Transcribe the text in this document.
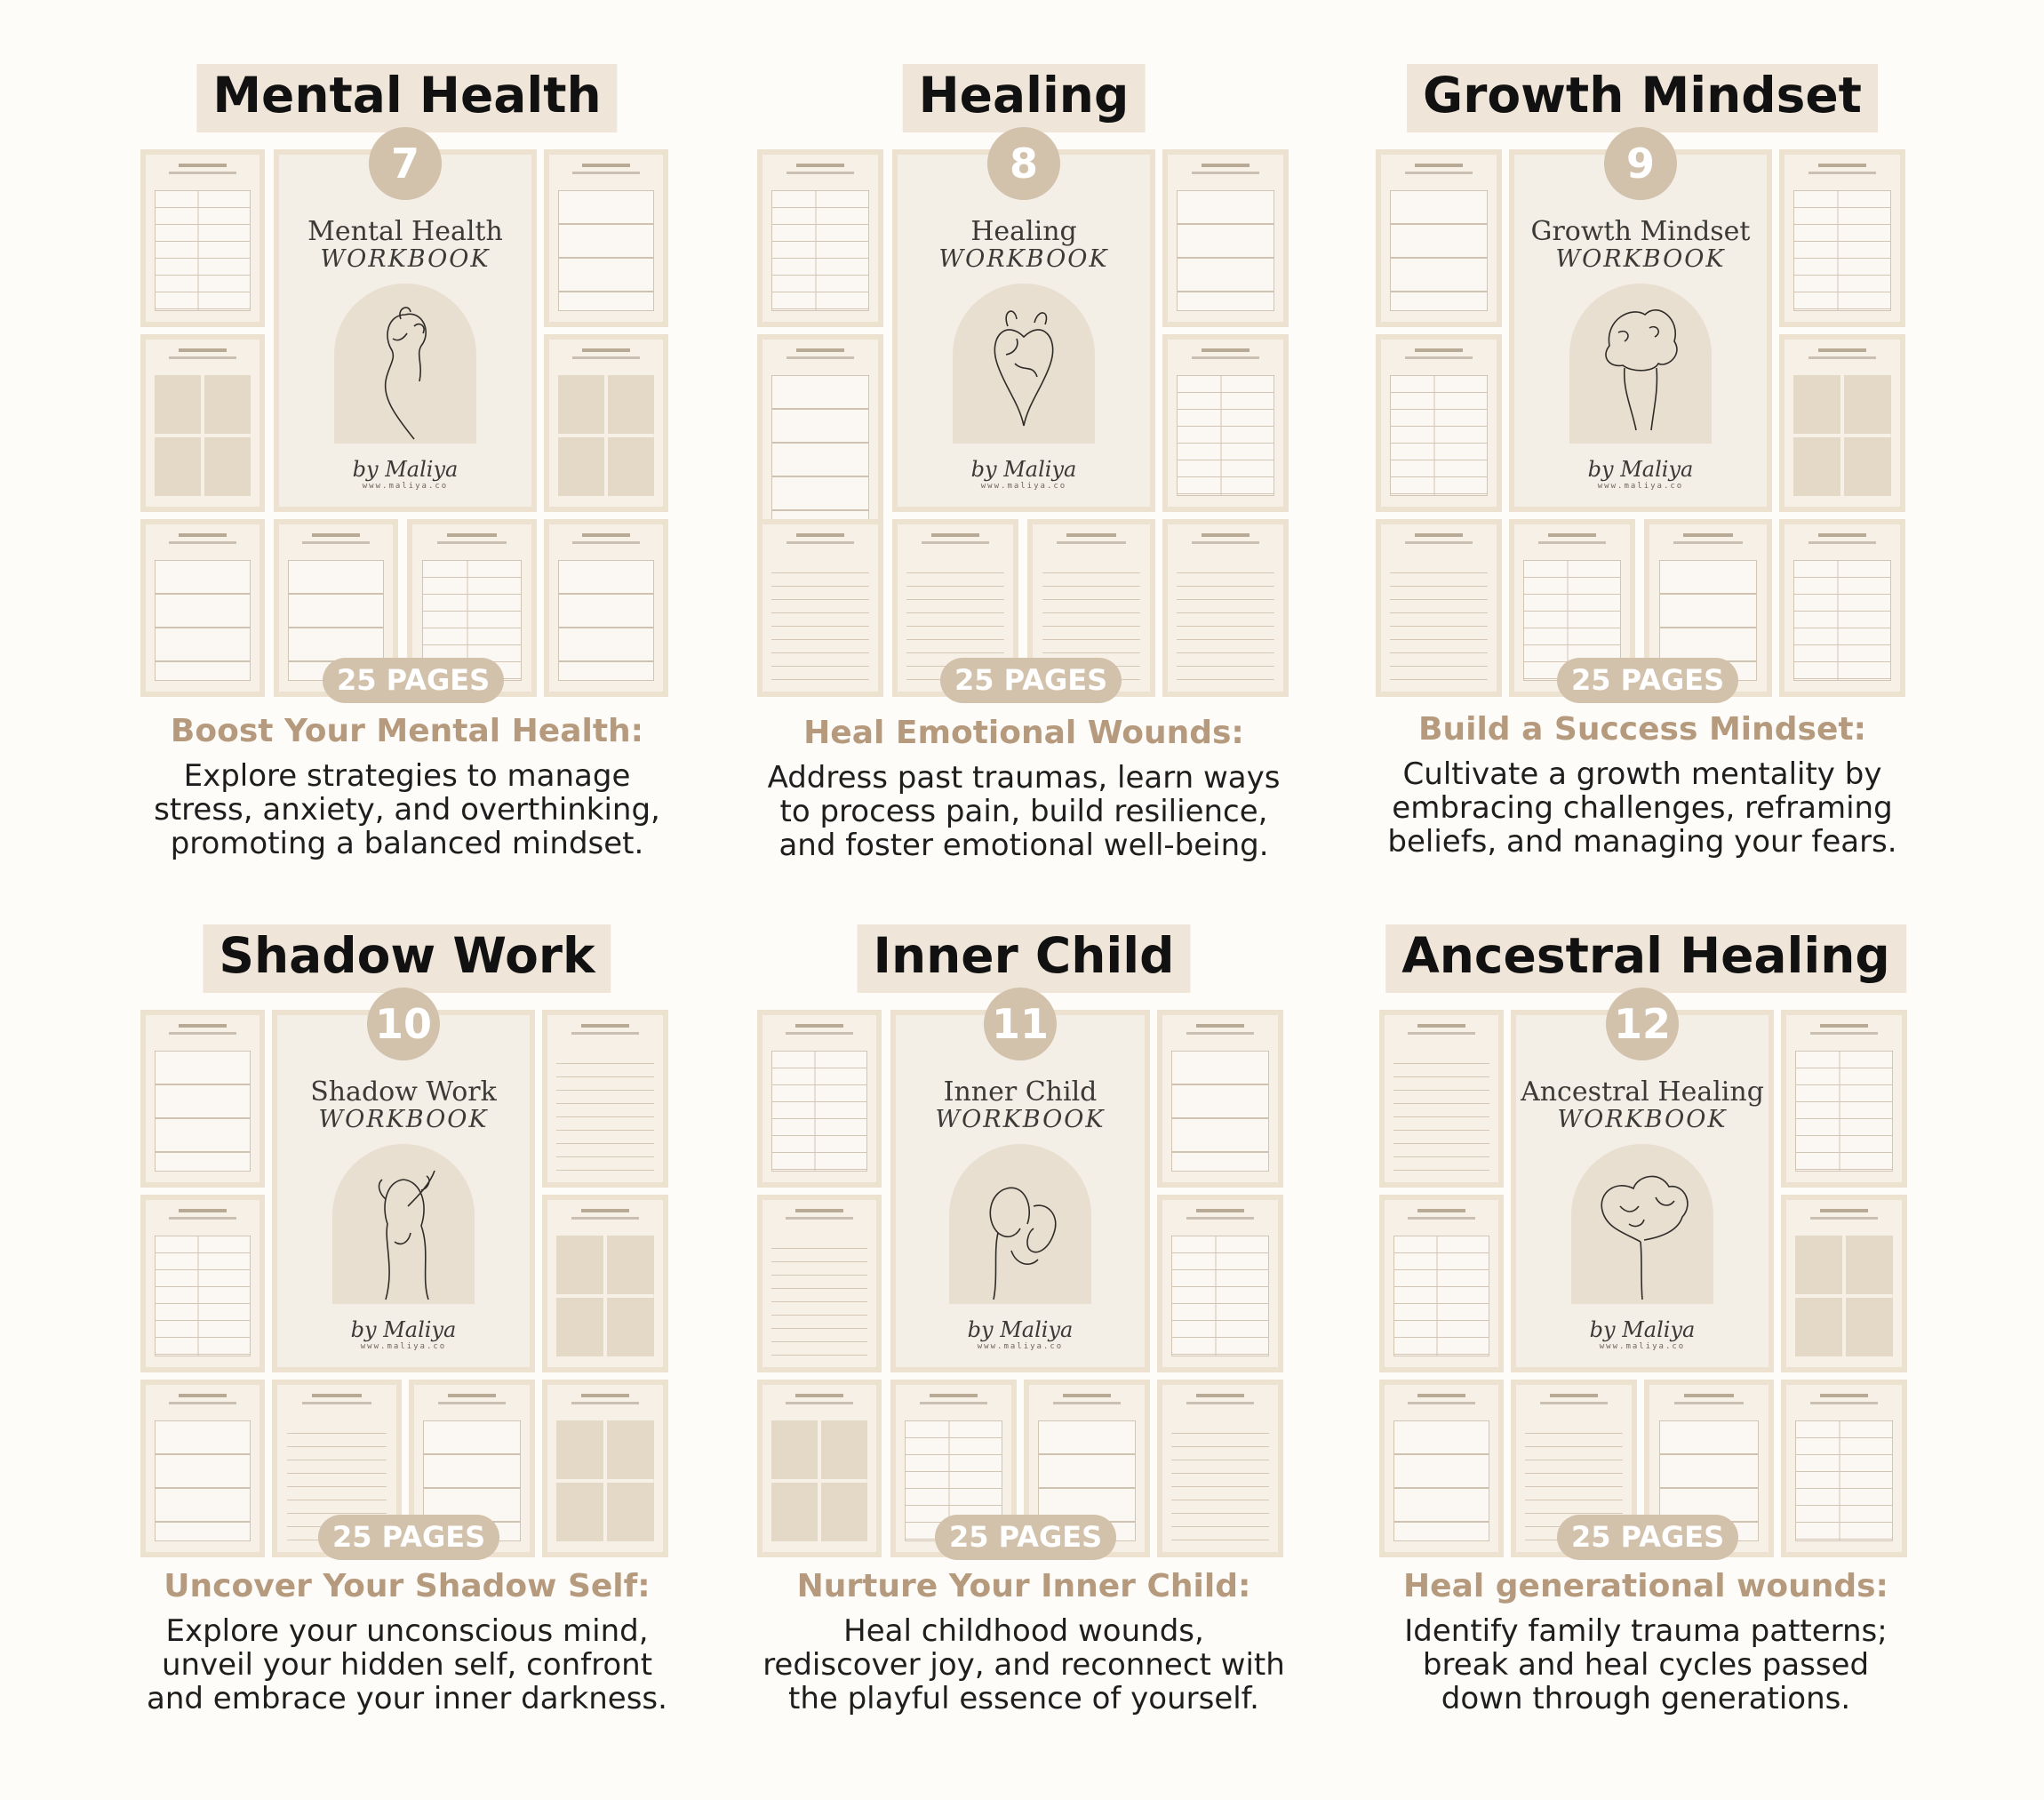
Mental Health
Mental Health
WORKBOOK
by Maliya
www.maliya.co
7
25 PAGES
Boost Your Mental Health:
Explore strategies to manage
stress, anxiety, and overthinking,
promoting a balanced mindset.
Healing
Healing
WORKBOOK
by Maliya
www.maliya.co
8
25 PAGES
Heal Emotional Wounds:
Address past traumas, learn ways
to process pain, build resilience,
and foster emotional well-being.
Growth Mindset
Growth Mindset
WORKBOOK
by Maliya
www.maliya.co
9
25 PAGES
Build a Success Mindset:
Cultivate a growth mentality by
embracing challenges, reframing
beliefs, and managing your fears.
Shadow Work
Shadow Work
WORKBOOK
by Maliya
www.maliya.co
10
25 PAGES
Uncover Your Shadow Self:
Explore your unconscious mind,
unveil your hidden self, confront
and embrace your inner darkness.
Inner Child
Inner Child
WORKBOOK
by Maliya
www.maliya.co
11
25 PAGES
Nurture Your Inner Child:
Heal childhood wounds,
rediscover joy, and reconnect with
the playful essence of yourself.
Ancestral Healing
Ancestral Healing
WORKBOOK
by Maliya
www.maliya.co
12
25 PAGES
Heal generational wounds:
Identify family trauma patterns;
break and heal cycles passed
down through generations.
